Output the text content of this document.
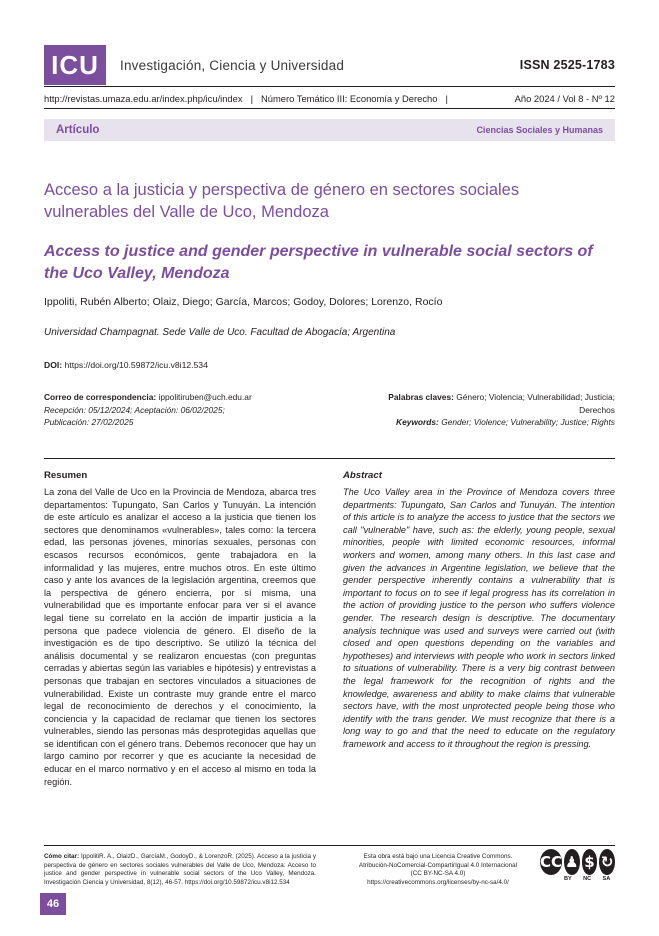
ICU	Investigación, Ciencia y Universidad	ISSN 2525-1783
http://revistas.umaza.edu.ar/index.php/icu/index | Número Temático III: Economía y Derecho |	Año 2024 / Vol 8 - Nº 12
Artículo	Ciencias Sociales y Humanas
Acceso a la justicia y perspectiva de género en sectores sociales vulnerables del Valle de Uco, Mendoza
Access to justice and gender perspective in vulnerable social sectors of the Uco Valley, Mendoza
Ippoliti, Rubén Alberto; Olaiz, Diego; García, Marcos; Godoy, Dolores; Lorenzo, Rocío
Universidad Champagnat. Sede Valle de Uco. Facultad de Abogacía; Argentina
DOI: https://doi.org/10.59872/icu.v8i12.534
Correo de correspondencia: ippolitiruben@uch.edu.ar
Recepción: 05/12/2024; Aceptación: 06/02/2025;
Publicación: 27/02/2025
Palabras claves: Género; Violencia; Vulnerabilidad; Justicia; Derechos
Keywords: Gender; Violence; Vulnerability; Justice; Rights
Resumen
La zona del Valle de Uco en la Provincia de Mendoza, abarca tres departamentos: Tupungato, San Carlos y Tunuyán. La intención de este artículo es analizar el acceso a la justicia que tienen los sectores que denominamos «vulnerables», tales como: la tercera edad, las personas jóvenes, minorías sexuales, personas con escasos recursos económicos, gente trabajadora en la informalidad y las mujeres, entre muchos otros. En este último caso y ante los avances de la legislación argentina, creemos que la perspectiva de género encierra, por sí misma, una vulnerabilidad que es importante enfocar para ver si el avance legal tiene su correlato en la acción de impartir justicia a la persona que padece violencia de género. El diseño de la investigación es de tipo descriptivo. Se utilizó la técnica del análisis documental y se realizaron encuestas (con preguntas cerradas y abiertas según las variables e hipótesis) y entrevistas a personas que trabajan en sectores vinculados a situaciones de vulnerabilidad. Existe un contraste muy grande entre el marco legal de reconocimiento de derechos y el conocimiento, la conciencia y la capacidad de reclamar que tienen los sectores vulnerables, siendo las personas más desprotegidas aquellas que se identifican con el género trans. Debemos reconocer que hay un largo camino por recorrer y que es acuciante la necesidad de educar en el marco normativo y en el acceso al mismo en toda la región.
Abstract
The Uco Valley area in the Province of Mendoza covers three departments: Tupungato, San Carlos and Tunuyán. The intention of this article is to analyze the access to justice that the sectors we call "vulnerable" have, such as: the elderly, young people, sexual minorities, people with limited economic resources, informal workers and women, among many others. In this last case and given the advances in Argentine legislation, we believe that the gender perspective inherently contains a vulnerability that is important to focus on to see if legal progress has its correlation in the action of providing justice to the person who suffers violence gender. The research design is descriptive. The documentary analysis technique was used and surveys were carried out (with closed and open questions depending on the variables and hypotheses) and interviews with people who work in sectors linked to situations of vulnerability. There is a very big contrast between the legal framework for the recognition of rights and the knowledge, awareness and ability to make claims that vulnerable sectors have, with the most unprotected people being those who identify with the trans gender. We must recognize that there is a long way to go and that the need to educate on the regulatory framework and access to it throughout the region is pressing.
Cómo citar: IppolitiR. A., OlaizD., GarcíaM., GodoyD., & LorenzoR. (2025). Acceso a la justicia y perspectiva de género en sectores sociales vulnerables del Valle de Uco, Mendoza: Acceso to justice and gender perspective in vulnerable social sectors of the Uco Valley, Mendoza. Investigación Ciencia y Universidad, 8(12), 46-57. https://doi.org/10.59872/icu.v8i12.534
Esta obra está bajo una Licencia Creative Commons.
Atribución-NoComercial-CompartirIgual 4.0 Internacional
(CC BY-NC-SA 4.0)
https://creativecommons.org/licenses/by-nc-sa/4.0/
CC ♟ $ ↻
BY	NC	SA
46
